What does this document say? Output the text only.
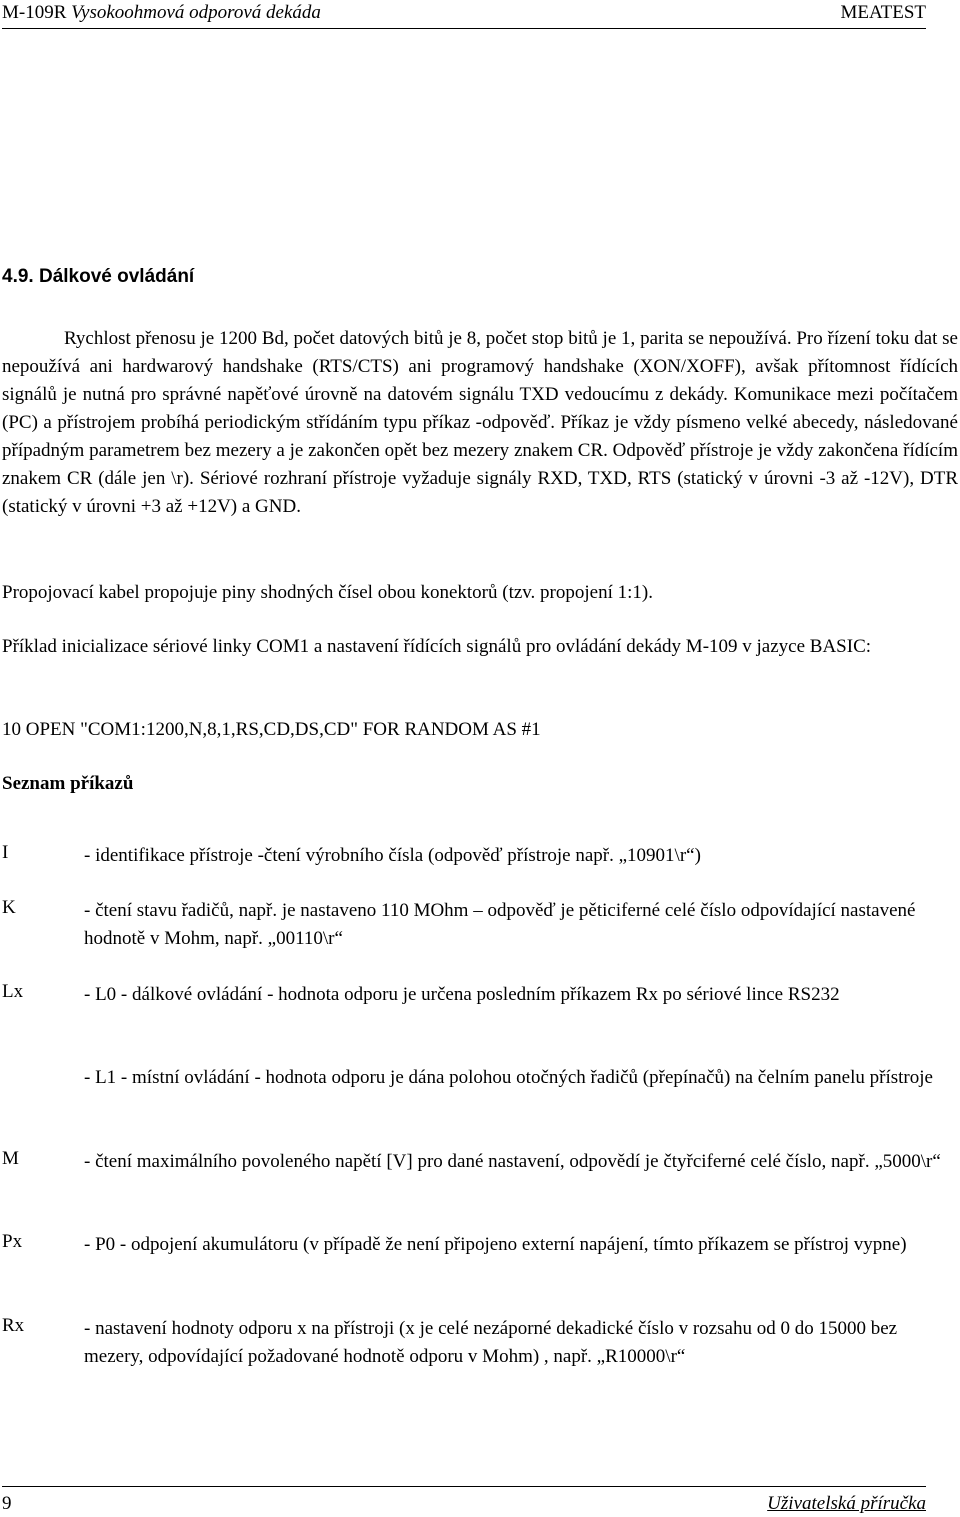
M-109R Vysokoohmová odporová dekáda	MEATEST
4.9. Dálkové ovládání
Rychlost přenosu je 1200 Bd, počet datových bitů je 8, počet stop bitů je 1, parita se nepoužívá. Pro řízení toku dat se nepoužívá ani hardwarový handshake (RTS/CTS) ani programový handshake (XON/XOFF), avšak přítomnost řídících signálů je nutná pro správné napěťové úrovně na datovém signálu TXD vedoucímu z dekády. Komunikace mezi počítačem (PC) a přístrojem probíhá periodickým střídáním typu příkaz -odpověď. Příkaz je vždy písmeno velké abecedy, následované případným parametrem bez mezery a je zakončen opět bez mezery znakem CR. Odpověď přístroje je vždy zakončena řídícím znakem CR (dále jen \r). Sériové rozhraní přístroje vyžaduje signály RXD, TXD, RTS (statický v úrovni -3 až -12V), DTR (statický v úrovni +3 až +12V) a GND.
Propojovací kabel propojuje piny shodných čísel obou konektorů (tzv. propojení 1:1).
Příklad inicializace sériové linky COM1 a nastavení řídících signálů pro ovládání dekády M-109 v jazyce BASIC:
10 OPEN "COM1:1200,N,8,1,RS,CD,DS,CD" FOR RANDOM AS #1
Seznam příkazů
I	- identifikace přístroje -čtení výrobního čísla (odpověď přístroje např. „10901\r“)
K	- čtení stavu řadičů, např. je nastaveno 110 MOhm – odpověď je pěticiferné celé číslo odpovídající nastavené hodnotě v Mohm, např. „00110\r“
Lx	- L0 - dálkové ovládání - hodnota odporu je určena posledním příkazem Rx po sériové lince RS232
- L1 - místní ovládání - hodnota odporu je dána polohou otočných řadičů (přepínačů) na čelním panelu přístroje
M	- čtení maximálního povoleného napětí [V] pro dané nastavení, odpovědí je čtyřciferné celé číslo, např. „5000\r“
Px	- P0 - odpojení akumulátoru (v případě že není připojeno externí napájení, tímto příkazem se přístroj vypne)
Rx	- nastavení hodnoty odporu x na přístroji (x je celé nezáporné dekadické číslo v rozsahu od 0 do 15000 bez mezery, odpovídající požadované hodnotě odporu v Mohm) , např. „R10000\r“
9	Uživatelská příručka
